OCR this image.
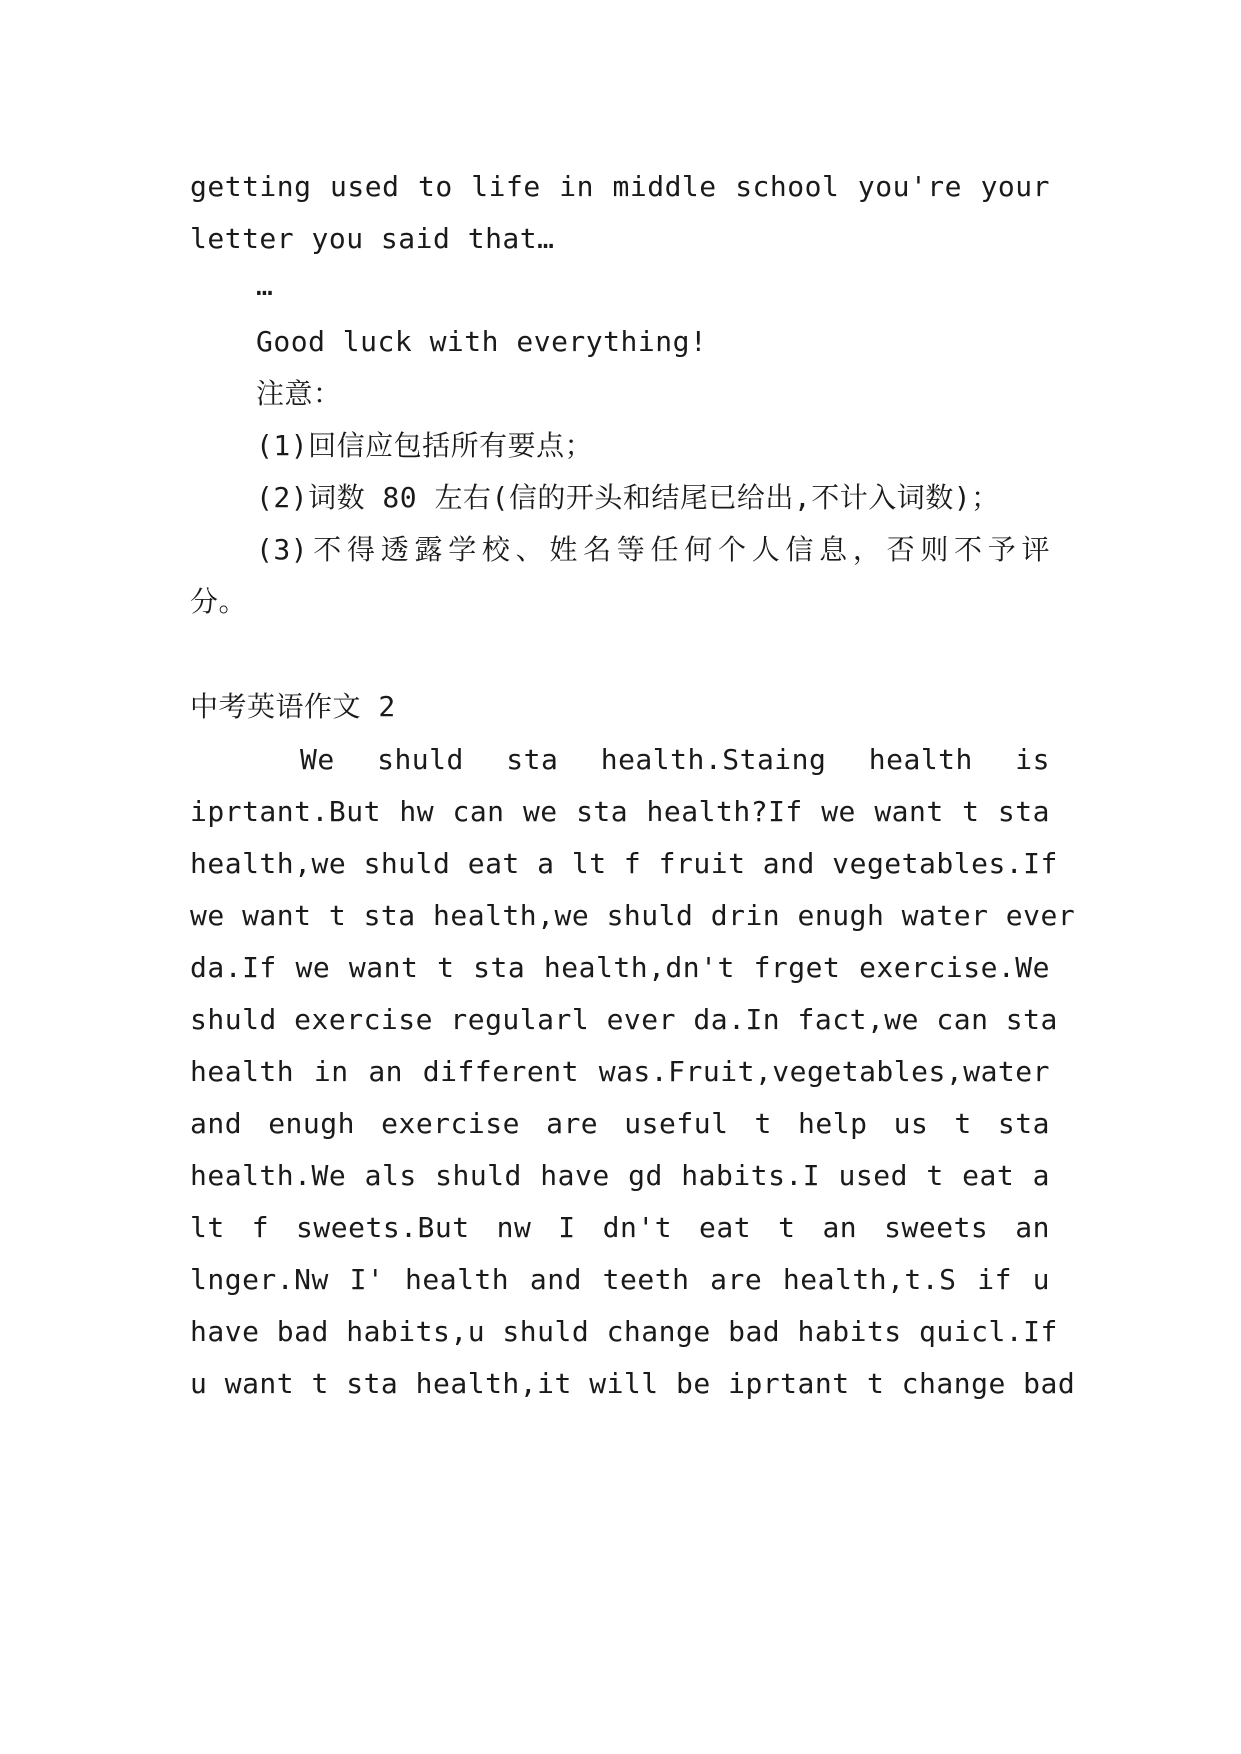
getting used to life in middle school you're your
letter you said that…
…
Good luck with everything!
注意：
(1)回信应包括所有要点；
(2)词数 80 左右(信的开头和结尾已给出,不计入词数)；
(3)不得透露学校、姓名等任何个人信息，否则不予评
分。
中考英语作文 2
We shuld sta health.Staing health is
iprtant.But hw can we sta health?If we want t sta
health,we shuld eat a lt f fruit and vegetables.If
we want t sta health,we shuld drin enugh water ever
da.If we want t sta health,dn't frget exercise.We
shuld exercise regularl ever da.In fact,we can sta
health in an different was.Fruit,vegetables,water
and enugh exercise are useful t help us t sta
health.We als shuld have gd habits.I used t eat a
lt f sweets.But nw I dn't eat t an sweets an
lnger.Nw I' health and teeth are health,t.S if u
have bad habits,u shuld change bad habits quicl.If
u want t sta health,it will be iprtant t change bad
